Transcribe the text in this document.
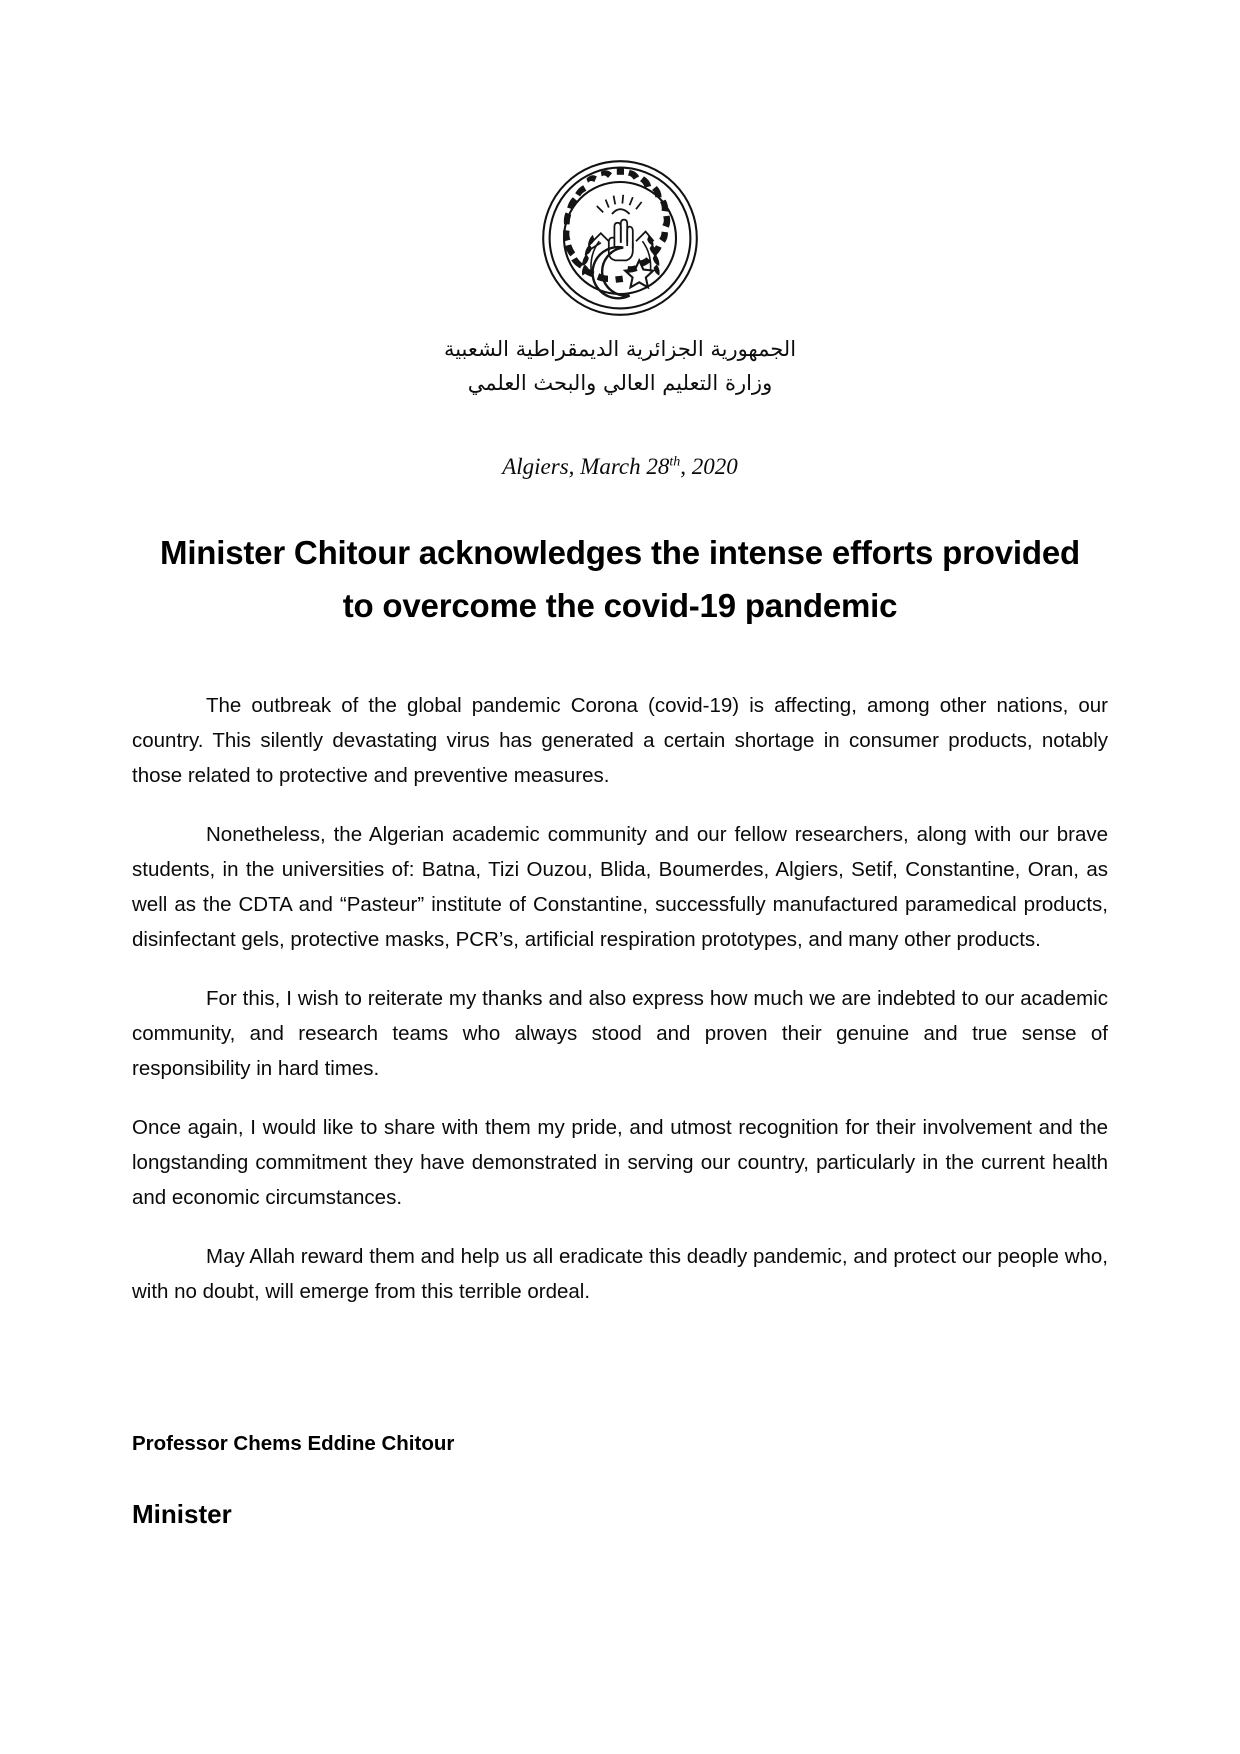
الجمهورية الجزائرية الديمقراطية الشعبية
وزارة التعليم العالي والبحث العلمي
Algiers, March 28th, 2020
Minister Chitour acknowledges the intense efforts provided
to overcome the covid-19 pandemic

The outbreak of the global pandemic Corona (covid-19) is affecting, among other nations, our country. This silently devastating virus has generated a certain shortage in consumer products, notably those related to protective and preventive measures.

Nonetheless, the Algerian academic community and our fellow researchers, along with our brave students, in the universities of: Batna, Tizi Ouzou, Blida, Boumerdes, Algiers, Setif, Constantine, Oran, as well as the CDTA and “Pasteur” institute of Constantine, successfully manufactured paramedical products, disinfectant gels, protective masks, PCR’s, artificial respiration prototypes, and many other products.

For this, I wish to reiterate my thanks and also express how much we are indebted to our academic community, and research teams who always stood and proven their genuine and true sense of responsibility in hard times.

Once again, I would like to share with them my pride, and utmost recognition for their involvement and the longstanding commitment they have demonstrated in serving our country, particularly in the current health and economic circumstances.

May Allah reward them and help us all eradicate this deadly pandemic, and protect our people who, with no doubt, will emerge from this terrible ordeal.

Professor Chems Eddine Chitour

Minister
